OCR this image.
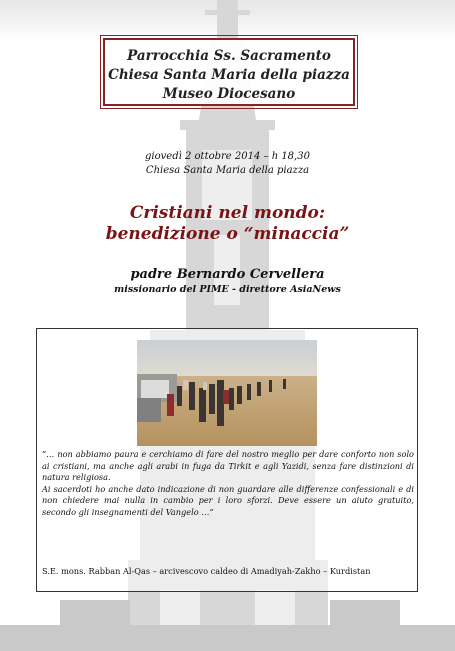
Parrocchia Ss. Sacramento
Chiesa Santa Maria della piazza
Museo Diocesano
giovedì 2 ottobre 2014 – h 18,30
Chiesa Santa Maria della piazza
Cristiani nel mondo:
benedizione o “minaccia”
padre Bernardo Cervellera
missionario del PIME - direttore AsiaNews

“… non abbiamo paura e cerchiamo di fare del nostro meglio per dare conforto non solo ai cristiani, ma anche agli arabi in fuga da Tirkit e agli Yazidi, senza fare distinzioni di natura religiosa.

Ai sacerdoti ho anche dato indicazione di non guardare alle differenze confessionali e di non chiedere mai nulla in cambio per i loro sforzi. Deve essere un aiuto gratuito, secondo gli insegnamenti del Vangelo …”

S.E. mons. Rabban Al-Qas – arcivescovo caldeo di Amadiyah-Zakho – Kurdistan
